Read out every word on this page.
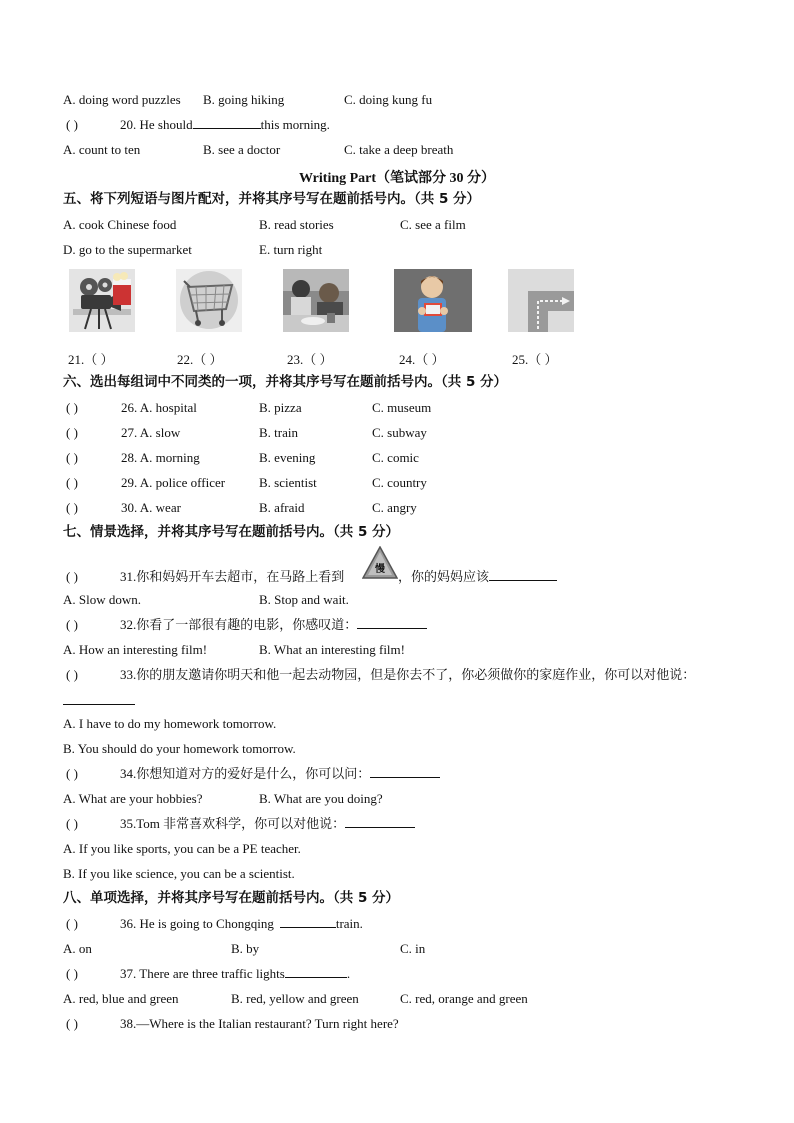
A. doing word puzzles B. going hiking	C. doing kung fu
( )	20. He should	this morning.
A. count to ten	B. see a doctor	C. take a deep breath
Writing Part（笔试部分 30 分）
五、将下列短语与图片配对，并将其序号写在题前括号内。（共 5 分）
A. cook Chinese food	B. read stories	C. see a film
D. go to the supermarket	E. turn right
21.（ ）	22.（ ）	23.（ ）	24.（ ）	25.（ ）
六、选出每组词中不同类的一项，并将其序号写在题前括号内。（共 5 分）
( )	26. A. hospital	B. pizza	C. museum
( )	27. A. slow	B. train	C. subway
( )	28. A. morning	B. evening	C. comic
( )	29. A. police officer	B. scientist	C. country
( )	30. A. wear	B. afraid	C. angry
七、情景选择，并将其序号写在题前括号内。（共 5 分）
( )	31.你和妈妈开车去超市，在马路上看到	慢 ，你的妈妈应该
A. Slow down.	B. Stop and wait.
( )	32.你看了一部很有趣的电影，你感叹道：
A. How an interesting film!	B. What an interesting film!
( )	33.你的朋友邀请你明天和他一起去动物园，但是你去不了，你必须做你的家庭作业，你可以对他说：
A. I have to do my homework tomorrow.
B. You should do your homework tomorrow.
( )	34.你想知道对方的爱好是什么，你可以问：
A. What are your hobbies?	B. What are you doing?
( )	35.Tom 非常喜欢科学，你可以对他说：
A. If you like sports, you can be a PE teacher.
B. If you like science, you can be a scientist.
八、单项选择，并将其序号写在题前括号内。（共 5 分）
( )	36. He is going to Chongqing	train.
A. on	B. by	C. in
( )	37. There are three traffic lights	.
A. red, blue and green	B. red, yellow and green	C. red, orange and green
( )	38.—Where is the Italian restaurant? Turn right here?
